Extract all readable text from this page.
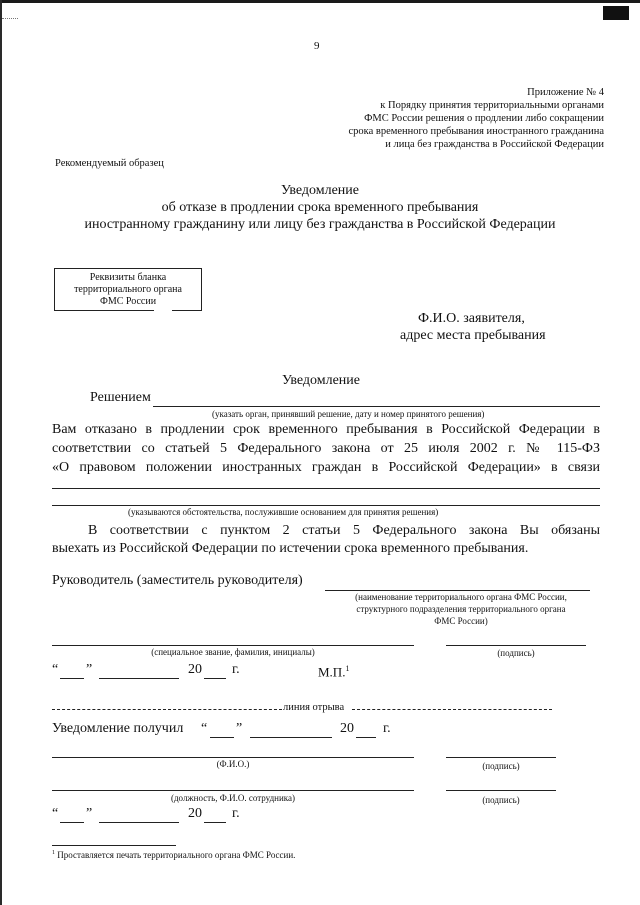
9
Приложение № 4
к Порядку принятия территориальными органами
ФМС России решения о продлении либо сокращении
срока временного пребывания иностранного гражданина
и лица без гражданства в Российской Федерации
Рекомендуемый образец
Уведомление
об отказе в продлении срока временного пребывания
иностранному гражданину или лицу без гражданства в Российской Федерации
Реквизиты бланка
территориального органа
ФМС России
Ф.И.О. заявителя,
адрес места пребывания
Уведомление
Решением
(указать орган, принявший решение, дату и номер принятого решения)
Вам отказано в продлении срок временного пребывания в Российской Федерации в
соответствии со статьей 5 Федерального закона от 25 июля 2002 г. № 115-ФЗ
«О правовом положении иностранных граждан в Российской Федерации» в связи
(указываются обстоятельства, послужившие основанием для принятия решения)
В соответствии с пунктом 2 статьи 5 Федерального закона Вы обязаны
выехать из Российской Федерации по истечении срока временного пребывания.
Руководитель (заместитель руководителя)
(наименование территориального органа ФМС России,
структурного подразделения территориального органа
ФМС России)
(специальное звание, фамилия, инициалы)	(подпись)
“ ”	20 г.	М.П.$^1$
линия отрыва
Уведомление получил “ ”	20 г.
(Ф.И.О.)	(подпись)
(должность, Ф.И.О. сотрудника)	(подпись)
“ ”	20 г.
$^1$ Проставляется печать территориального органа ФМС России.
